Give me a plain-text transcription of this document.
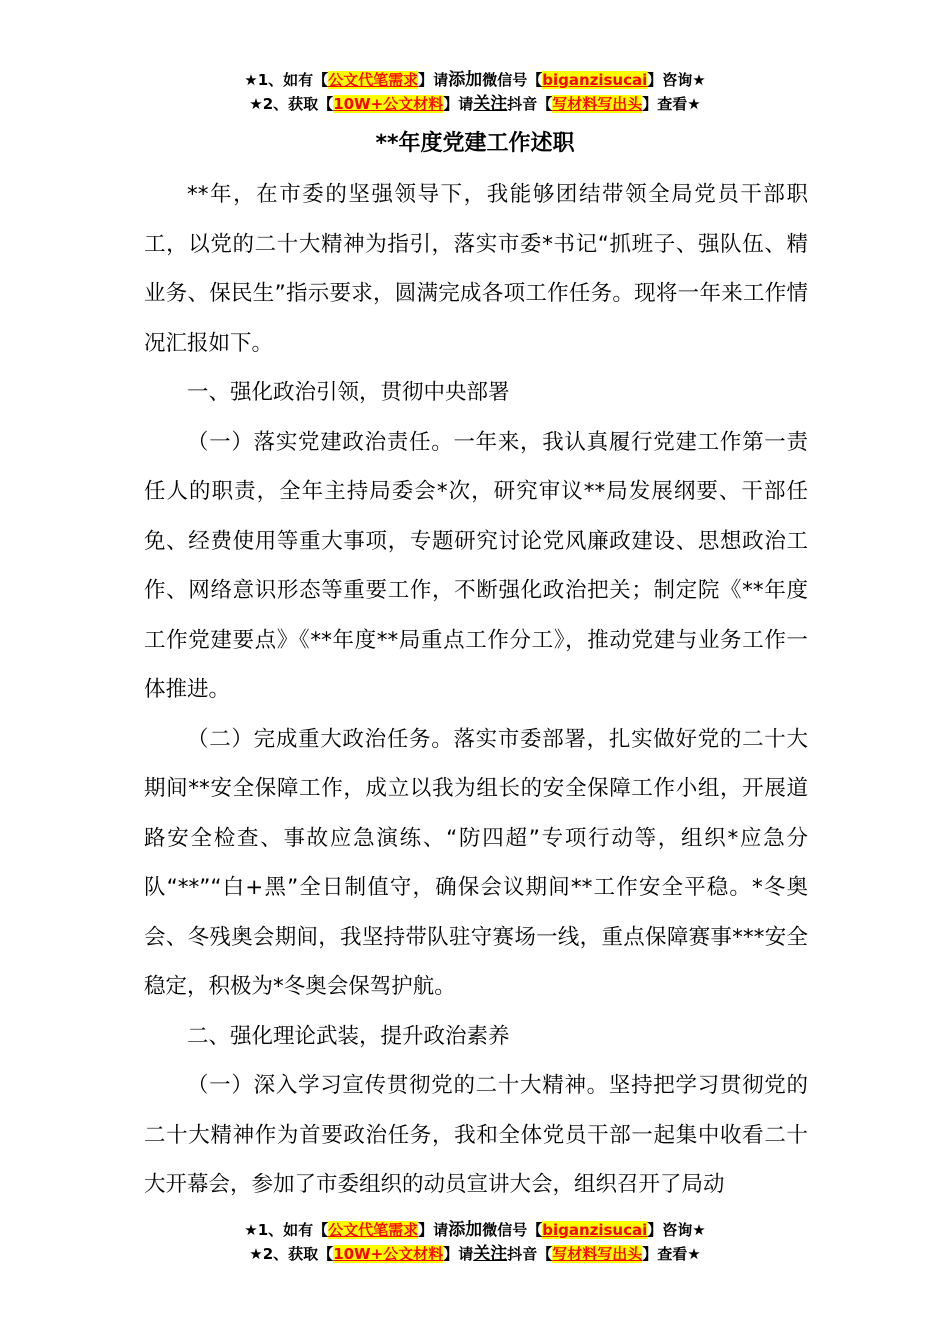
★1、如有【公文代笔需求】请添加微信号【biganzisucai】咨询★
★2、获取【10W+公文材料】请关注抖音【写材料写出头】查看★
**年度党建工作述职

**年，在市委的坚强领导下，我能够团结带领全局党员干部职工，以党的二十大精神为指引，落实市委*书记“抓班子、强队伍、精业务、保民生”指示要求，圆满完成各项工作任务。现将一年来工作情况汇报如下。

一、强化政治引领，贯彻中央部署

（一）落实党建政治责任。一年来，我认真履行党建工作第一责任人的职责，全年主持局委会*次，研究审议**局发展纲要、干部任免、经费使用等重大事项，专题研究讨论党风廉政建设、思想政治工作、网络意识形态等重要工作，不断强化政治把关；制定院《**年度工作党建要点》《**年度**局重点工作分工》，推动党建与业务工作一体推进。

（二）完成重大政治任务。落实市委部署，扎实做好党的二十大期间**安全保障工作，成立以我为组长的安全保障工作小组，开展道路安全检查、事故应急演练、“防四超”专项行动等，组织*应急分队“**”“白+黑”全日制值守，确保会议期间**工作安全平稳。*冬奥会、冬残奥会期间，我坚持带队驻守赛场一线，重点保障赛事***安全稳定，积极为*冬奥会保驾护航。

二、强化理论武装，提升政治素养

（一）深入学习宣传贯彻党的二十大精神。坚持把学习贯彻党的二十大精神作为首要政治任务，我和全体党员干部一起集中收看二十大开幕会，参加了市委组织的动员宣讲大会，组织召开了局动

★1、如有【公文代笔需求】请添加微信号【biganzisucai】咨询★
★2、获取【10W+公文材料】请关注抖音【写材料写出头】查看★
